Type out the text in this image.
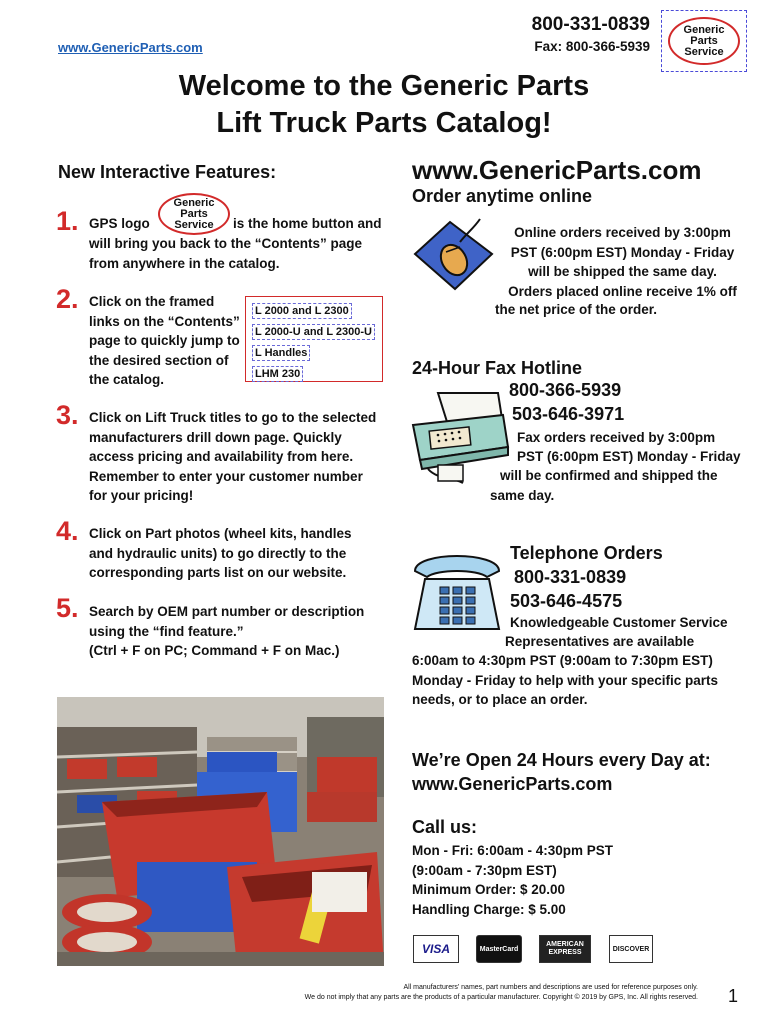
www.GenericParts.com
800-331-0839
Fax: 800-366-5939
Generic
Parts
Service
Welcome to the Generic Parts
Lift Truck Parts Catalog!
New Interactive Features:
1. GPS logo
Generic
Parts
Service is the home button and
will bring you back to the “Contents” page from anywhere in the catalog.
2. Click on the framed links on the “Contents” page to quickly jump to the desired section of the catalog.
L 2000 and L 2300
L 2000-U and L 2300-U
L Handles
LHM 230
3. Click on Lift Truck titles to go to the selected manufacturers drill down page. Quickly access pricing and availability from here. Remember to enter your customer number for your pricing!
4. Click on Part photos (wheel kits, handles and hydraulic units) to go directly to the corresponding parts list on our website.
5. Search by OEM part number or description using the “find feature.”
(Ctrl + F on PC; Command + F on Mac.)
www.GenericParts.com
Order anytime online
Online orders received by 3:00pm
PST (6:00pm EST) Monday - Friday
will be shipped the same day.
Orders placed online receive 1% off
the net price of the order.
24-Hour Fax Hotline
800-366-5939
503-646-3971
Fax orders received by 3:00pm
PST (6:00pm EST) Monday - Friday
will be confirmed and shipped the
same day.
Telephone Orders
800-331-0839
503-646-4575
Knowledgeable Customer Service
Representatives are available
6:00am to 4:30pm PST (9:00am to 7:30pm EST)
Monday - Friday to help with your specific parts
needs, or to place an order.
We’re Open 24 Hours every Day at:
www.GenericParts.com
Call us:
Mon - Fri: 6:00am - 4:30pm PST
(9:00am - 7:30pm EST)
Minimum Order: $ 20.00
Handling Charge: $ 5.00
VISA	MasterCard
AMERICAN EXPRESS	DISCOVER
All manufacturers’ names, part numbers and descriptions are used for reference purposes only.
We do not imply that any parts are the products of a particular manufacturer. Copyright © 2019 by GPS, Inc. All rights reserved. 1
